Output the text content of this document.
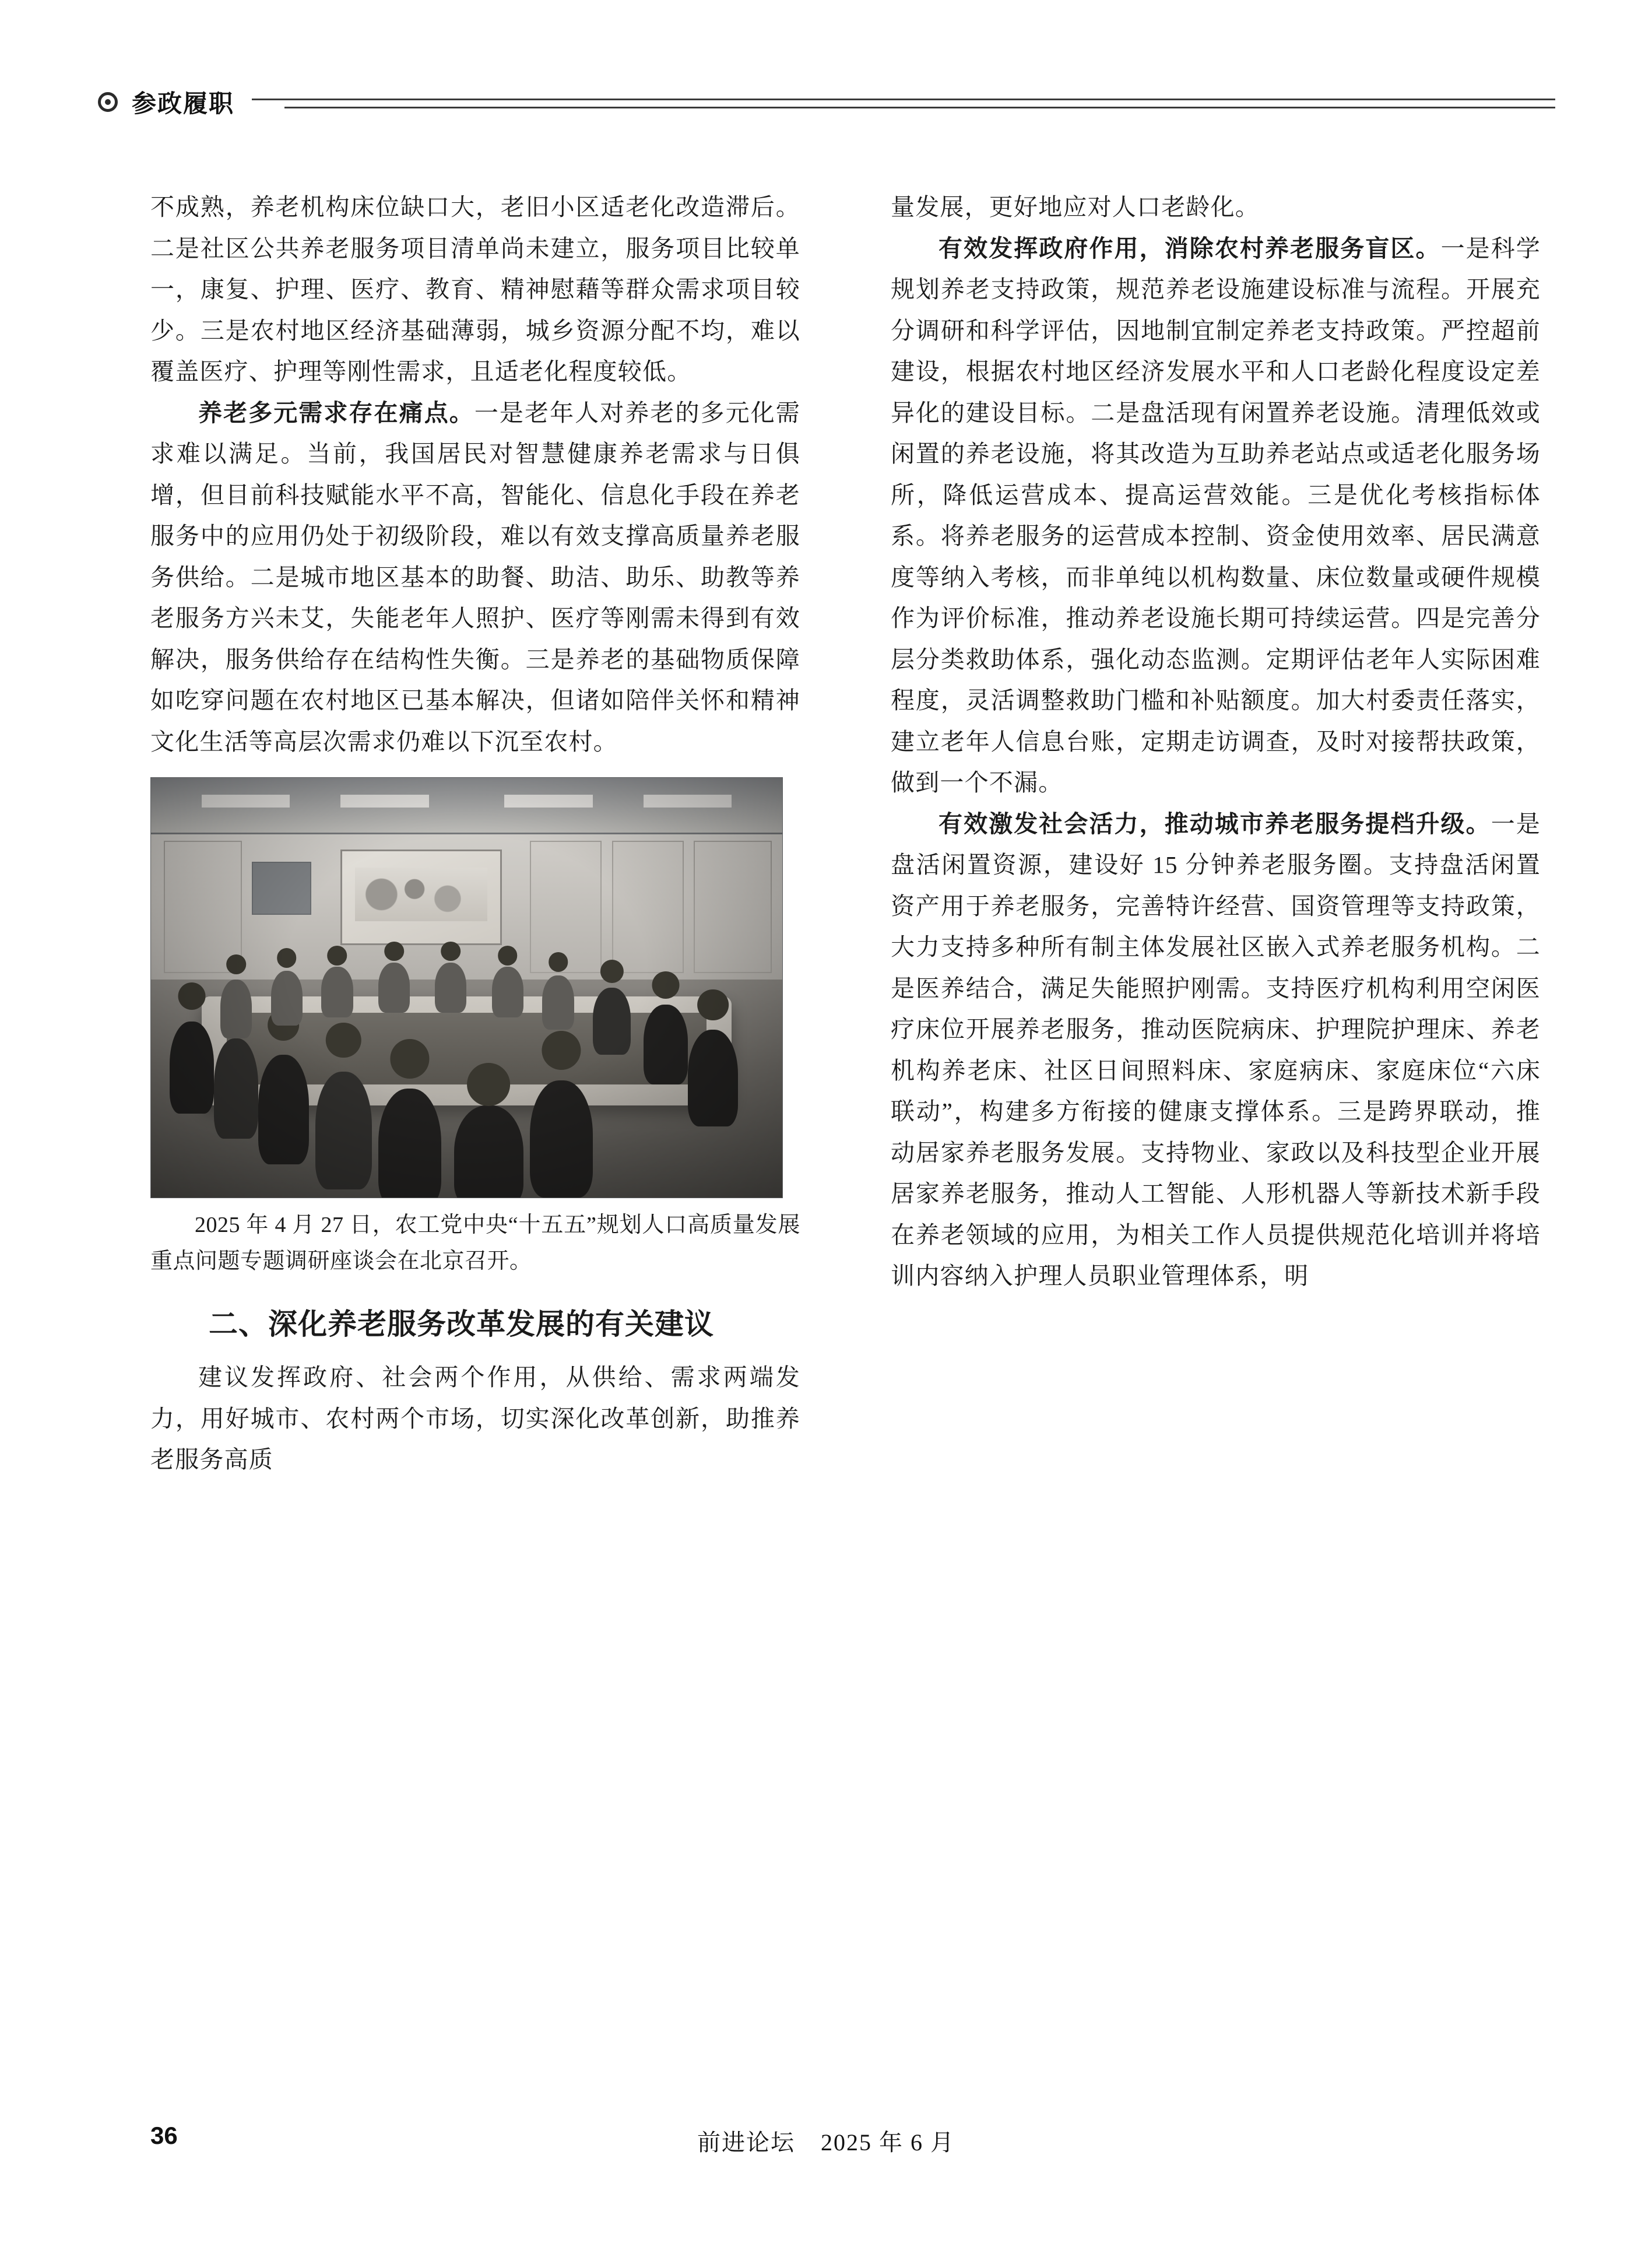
参政履职

不成熟，养老机构床位缺口大，老旧小区适老化改造滞后。二是社区公共养老服务项目清单尚未建立，服务项目比较单一，康复、护理、医疗、教育、精神慰藉等群众需求项目较少。三是农村地区经济基础薄弱，城乡资源分配不均，难以覆盖医疗、护理等刚性需求，且适老化程度较低。

养老多元需求存在痛点。一是老年人对养老的多元化需求难以满足。当前，我国居民对智慧健康养老需求与日俱增，但目前科技赋能水平不高，智能化、信息化手段在养老服务中的应用仍处于初级阶段，难以有效支撑高质量养老服务供给。二是城市地区基本的助餐、助洁、助乐、助教等养老服务方兴未艾，失能老年人照护、医疗等刚需未得到有效解决，服务供给存在结构性失衡。三是养老的基础物质保障如吃穿问题在农村地区已基本解决，但诸如陪伴关怀和精神文化生活等高层次需求仍难以下沉至农村。

2025 年 4 月 27 日，农工党中央“十五五”规划人口高质量发展重点问题专题调研座谈会在北京召开。

二、深化养老服务改革发展的有关建议

建议发挥政府、社会两个作用，从供给、需求两端发力，用好城市、农村两个市场，切实深化改革创新，助推养老服务高质

量发展，更好地应对人口老龄化。

有效发挥政府作用，消除农村养老服务盲区。一是科学规划养老支持政策，规范养老设施建设标准与流程。开展充分调研和科学评估，因地制宜制定养老支持政策。严控超前建设，根据农村地区经济发展水平和人口老龄化程度设定差异化的建设目标。二是盘活现有闲置养老设施。清理低效或闲置的养老设施，将其改造为互助养老站点或适老化服务场所，降低运营成本、提高运营效能。三是优化考核指标体系。将养老服务的运营成本控制、资金使用效率、居民满意度等纳入考核，而非单纯以机构数量、床位数量或硬件规模作为评价标准，推动养老设施长期可持续运营。四是完善分层分类救助体系，强化动态监测。定期评估老年人实际困难程度，灵活调整救助门槛和补贴额度。加大村委责任落实，建立老年人信息台账，定期走访调查，及时对接帮扶政策，做到一个不漏。

有效激发社会活力，推动城市养老服务提档升级。一是盘活闲置资源，建设好 15 分钟养老服务圈。支持盘活闲置资产用于养老服务，完善特许经营、国资管理等支持政策，大力支持多种所有制主体发展社区嵌入式养老服务机构。二是医养结合，满足失能照护刚需。支持医疗机构利用空闲医疗床位开展养老服务，推动医院病床、护理院护理床、养老机构养老床、社区日间照料床、家庭病床、家庭床位“六床联动”，构建多方衔接的健康支撑体系。三是跨界联动，推动居家养老服务发展。支持物业、家政以及科技型企业开展居家养老服务，推动人工智能、人形机器人等新技术新手段在养老领域的应用，为相关工作人员提供规范化培训并将培训内容纳入护理人员职业管理体系，明

36	前进论坛 2025 年 6 月
